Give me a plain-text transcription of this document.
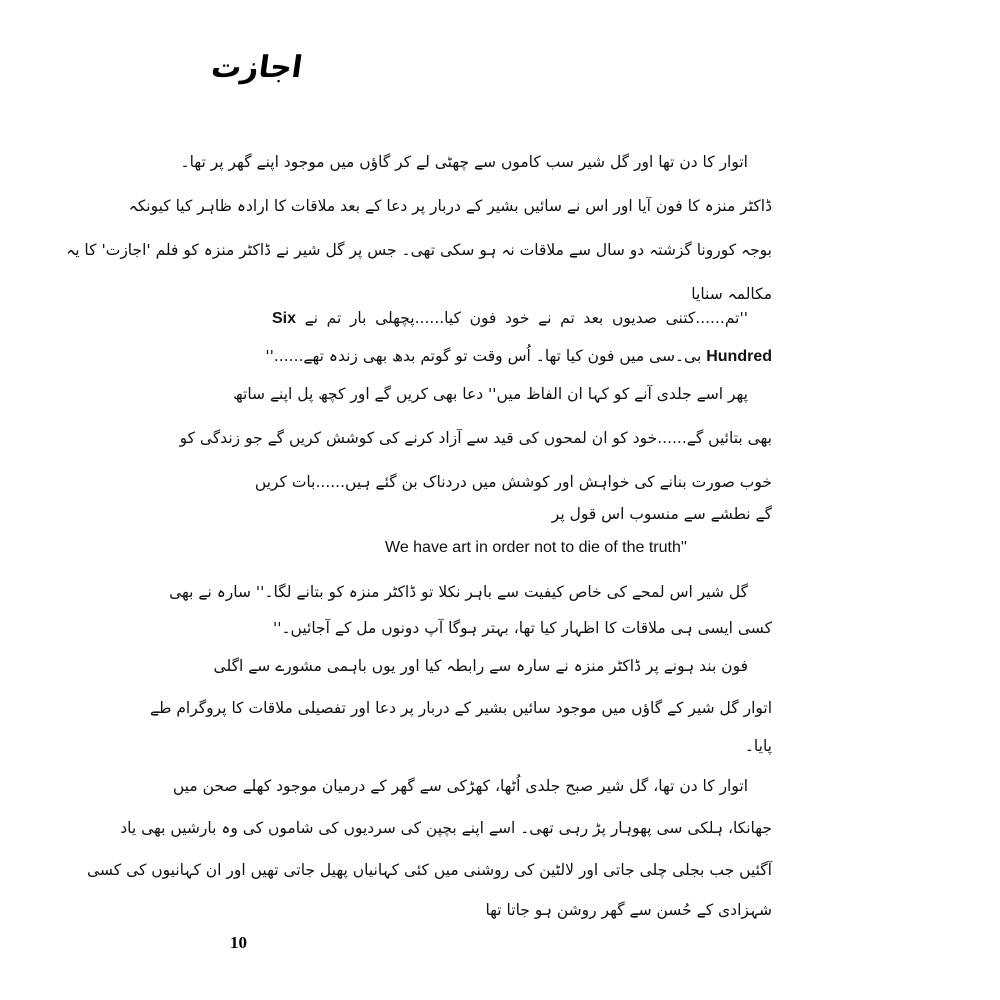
اجازت
اتوار کا دن تھا اور گل شیر سب کاموں سے چھٹی لے کر گاؤں میں موجود اپنے گھر پر تھا۔
ڈاکٹر منزہ کا فون آیا اور اس نے سائیں بشیر کے دربار پر دعا کے بعد ملاقات کا ارادہ ظاہر کیا کیونکہ
بوجہ کورونا گزشتہ دو سال سے ملاقات نہ ہو سکی تھی۔ جس پر گل شیر نے ڈاکٹر منزہ کو فلم 'اجازت' کا یہ
مکالمہ سنایا
''تم......کتنی صدیوں بعد تم نے خود فون کیا......پچھلی بار تم نے Six
Hundred بی۔سی میں فون کیا تھا۔ اُس وقت تو گوتم بدھ بھی زندہ تھے......''
پھر اسے جلدی آنے کو کہا ان الفاظ میں'' دعا بھی کریں گے اور کچھ پل اپنے ساتھ
بھی بتائیں گے......خود کو ان لمحوں کی قید سے آزاد کرنے کی کوشش کریں گے جو زندگی کو
خوب صورت بنانے کی خواہش اور کوشش میں دردناک بن گئے ہیں......بات کریں
گے نطشے سے منسوب اس قول پر
We have art in order not to die of the truth''
گل شیر اس لمحے کی خاص کیفیت سے باہر نکلا تو ڈاکٹر منزہ کو بتانے لگا۔'' سارہ نے بھی
کسی ایسی ہی ملاقات کا اظہار کیا تھا، بہتر ہوگا آپ دونوں مل کے آجائیں۔''
فون بند ہونے پر ڈاکٹر منزہ نے سارہ سے رابطہ کیا اور یوں باہمی مشورے سے اگلی
اتوار گل شیر کے گاؤں میں موجود سائیں بشیر کے دربار پر دعا اور تفصیلی ملاقات کا پروگرام طے
پایا۔
اتوار کا دن تھا، گل شیر صبح جلدی اُٹھا، کھڑکی سے گھر کے درمیان موجود کھلے صحن میں
جھانکا، ہلکی سی پھوہار پڑ رہی تھی۔ اسے اپنے بچپن کی سردیوں کی شاموں کی وہ بارشیں بھی یاد
آگئیں جب بجلی چلی جاتی اور لالٹین کی روشنی میں کئی کہانیاں پھیل جاتی تھیں اور ان کہانیوں کی کسی
شہزادی کے حُسن سے گھر روشن ہو جاتا تھا
10
